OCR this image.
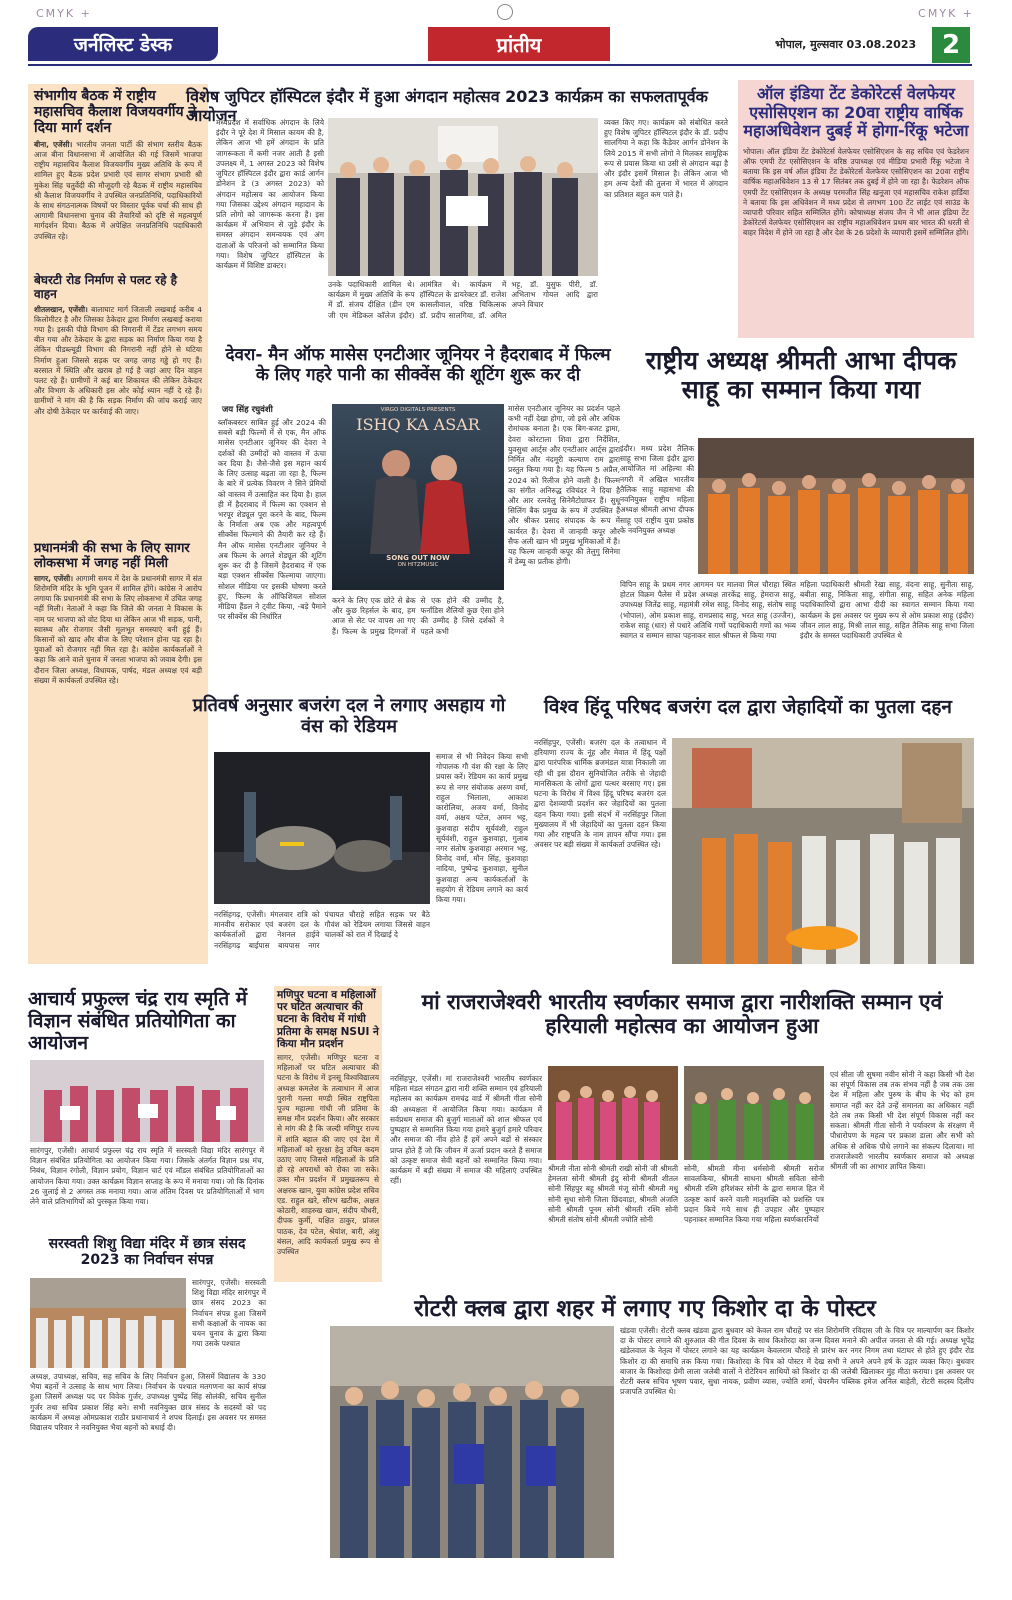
CMYK +	CMYK +
जर्नलिस्ट डेस्क	प्रांतीय	भोपाल, मुल्सवार 03.08.2023 2
संभागीय बैठक में राष्ट्रीय महासचिव कैलाश विजयवर्गीय ने दिया मार्ग दर्शन
बीना, एजेंसी। भारतीय जनता पार्टी की संभाग स्तरीय बैठक आज बीना विधानसभा में आयोजित की गई जिसमें भाजपा राष्ट्रीय महासचिव कैलाश विजयवर्गीय मुख्य अतिथि के रूप में शामिल हुए बैठक प्रदेश प्रभारी एवं सागर संभाग प्रभारी श्री मुकेश सिंह चतुर्वेदी की मौजूदगी रहे बैठक में राष्ट्रीय महासचिव श्री कैलाश विजयवर्गीय ने उपस्थित जनप्रतिनिधि, पदाधिकारियों के साथ संगठनात्मक विषयों पर विस्तार पूर्वक चर्चा की साथ ही आगामी विधानसभा चुनाव की तैयारियों को दृष्टि से महत्वपूर्ण मार्गदर्शन दिया। बैठक में अपेक्षित जनप्रतिनिधि पदाधिकारी उपस्थित रहे।
बेघरटी रोड निर्माण से पलट रहे है वाहन
शीतलखान, एजेंसी। बालाघाट मार्ग जिताली लखबाई करीब 4 किलोमीटर है और जिसका ठेकेदार द्वारा निर्माण लखबाई कराया गया है। इसकी पीछे विभाग की निगरानी में टेंडर लगभग समय बीत गया और ठेकेदार के द्वारा सड़क का निर्माण किया गया है लेकिन पीडब्ल्यूडी विभाग की निगरानी नहीं होने से घटिया निर्माण हुआ जिससे सड़क पर जगह जगह गड्ढे हो गए हैं। बरसात में स्थिति और खराब हो गई है जहां आए दिन वाहन पलट रहे हैं। ग्रामीणों ने कई बार शिकायत की लेकिन ठेकेदार और विभाग के अधिकारी इस ओर कोई ध्यान नहीं दे रहे हैं। ग्रामीणों ने मांग की है कि सड़क निर्माण की जांच कराई जाए और दोषी ठेकेदार पर कार्रवाई की जाए।
प्रधानमंत्री की सभा के लिए सागर लोकसभा में जगह नहीं मिली
सागर, एजेंसी। आगामी समय में देश के प्रधानमंत्री सागर में संत शिरोमणि मंदिर के भूमि पूजन में शामिल होंगे। कांग्रेस ने आरोप लगाया कि प्रधानमंत्री की सभा के लिए लोकसभा में उचित जगह नहीं मिली। नेताओं ने कहा कि जिले की जनता ने विकास के नाम पर भाजपा को वोट दिया था लेकिन आज भी सड़क, पानी, स्वास्थ्य और रोजगार जैसी मूलभूत समस्याएं बनी हुई हैं। किसानों को खाद और बीज के लिए परेशान होना पड़ रहा है। युवाओं को रोजगार नहीं मिल रहा है। कांग्रेस कार्यकर्ताओं ने कहा कि आने वाले चुनाव में जनता भाजपा को जवाब देगी। इस दौरान जिला अध्यक्ष, विधायक, पार्षद, मंडल अध्यक्ष एवं बड़ी संख्या में कार्यकर्ता उपस्थित रहे।
विशेष जुपिटर हॉस्पिटल इंदौर में हुआ अंगदान महोत्सव 2023 कार्यक्रम का सफलतापूर्वक आयोजन
मध्यप्रदेश में सर्वाधिक अंगदान के लिये इंदौर ने पूरे देश में मिसाल कायम की है, लेकिन आज भी हमें अंगदान के प्रति जागरूकता में कमी नजर आती है इसी उपलक्ष्य में, 1 अगस्त 2023 को विशेष जुपिटर हॉस्पिटल इंदौर द्वारा कार्ड आर्गन डोनेशन डे (3 अगस्त 2023) को अंगदान महोत्सव का आयोजन किया गया जिसका उद्देश्य अंगदान महादान के प्रति लोगो को जागरूक करना है। इस कार्यक्रम में अभियान से जुड़े इंदौर के समस्त अंगदान समन्वयक एवं अंग दाताओं के परिजनो को सम्मानित किया गया। विशेष जुपिटर हॉस्पिटल के कार्यक्रम में विशिष्ट डाक्टर।
उनके पदाधिकारी शामिल थे। कार्यक्रम में मुख्य अतिथि के रूप में डॉ. संजय दीक्षित (डीन एम जी एम मेडिकल कॉलेज इंदौर) आमंत्रित थे। कार्यक्रम में हॉस्पिटल के डायरेक्टर डॉ. राजेश कासलीवाल, वरिष्ठ चिकित्सक डॉ. प्रदीप सालगिया, डॉ. अमित भट्ट, डॉ. युसुफ पीरी, डॉ. अभिताभ गोयल आदि द्वारा अपने विचार
व्यक्त किए गए। कार्यक्रम को संबोधित करते हुए विशेष जुपिटर हॉस्पिटल इंदौर के डॉ. प्रदीप सालगिया ने कहा कि कैडेवर आर्गन डोनेशन के लिये 2015 में सभी लोगो ने मिलकर सामूहिक रूप से प्रयास किया था उसी से अंगदान बढ़ा है और इंदौर इसमें मिसाल है। लेकिन आज भी हम अन्य देशों की तुलना में भारत में अंगदान का प्रतिशत बहुत कम पाते है।
ऑल इंडिया टेंट डेकोरेटर्स वेलफेयर एसोसिएशन का 20वा राष्ट्रीय वार्षिक महाअधिवेशन दुबई में होगा-रिंकू भटेजा
भोपाल। ऑल इंडिया टेंट डेकोरेटर्स वेलफेयर एसोसिएशन के सह सचिव एवं फेडरेशन ऑफ एमपी टेंट एसोसिएशन के वरिष्ठ उपाध्यक्ष एवं मीडिया प्रभारी रिंकू भटेजा ने बताया कि इस वर्ष ऑल इंडिया टेंट डेकोरेटर्स वेलफेयर एसोसिएशन का 20वा राष्ट्रीय वार्षिक महाअधिवेशन 13 से 17 सितंबर तक दुबई में होने जा रहा है। फेडरेशन ऑफ एमपी टेंट एसोसिएशन के अध्यक्ष परमजीत सिंह खनूजा एवं महासचिव राकेश हार्डिया ने बताया कि इस अधिवेशन में मध्य प्रदेश से लगभग 100 टेंट लाईट एवं साउंड के व्यापारी परिवार सहित सम्मिलित होंगे। कोषाध्यक्ष संजय जैन ने भी आल इंडिया टेंट डेकोरेटर्स वेलफेयर एसोसिएशन का राष्ट्रीय महाअधिवेशन प्रथम बार भारत की धरती से बाहर विदेश में होने जा रहा है और देश के 26 प्रदेशो के व्यापारी इसमें सम्मिलित होंगे।
देवरा- मैन ऑफ मासेस एनटीआर जूनियर ने हैदराबाद में फिल्म के लिए गहरे पानी का सीक्वेंस की शूटिंग शुरू कर दी
जय सिंह रघुवंशी
ब्लॉकबस्टर साबित हुई और 2024 की सबसे बड़ी फिल्मों में से एक, मैन ऑफ मासेस एनटीआर जूनियर की देवरा ने दर्शकों की उम्मीदों को वास्तव में ऊंचा कर दिया है। जैसे-जैसे इस महान कार्य के लिए उत्साह बढ़ता जा रहा है, फिल्म के बारे में प्रत्येक विवरण ने सिने प्रेमियों को वास्तव में उत्साहित कर दिया है। हाल ही में हैदराबाद में फिल्म का एक्शन से भरपूर शेड्यूल पूरा करने के बाद, फिल्म के निर्माता अब एक और महत्वपूर्ण सीक्वेंस फिल्माने की तैयारी कर रहे हैं। मैन ऑफ मासेस एनटीआर जूनियर ने अब फिल्म के अगले शेड्यूल की शूटिंग शुरू कर दी है जिसमें हैदराबाद में एक बड़ा एक्शन सीक्वेंस फिल्माया जाएगा। सोशल मीडिया पर इसकी घोषणा करते हुए, फिल्म के ऑफिशियल सोशल मीडिया हैंडल ने ट्वीट किया, -बड़े पैमाने पर सीक्वेंस की निर्धारित
VIRGO DIGITALS PRESENTS
ISHQ KA ASAR
SONG OUT NOW
ON HITZMUSIC
करने के लिए एक छोटे से ब्रेक और कुछ रिहर्सल के बाद, हम आज से सेट पर वापस आ गए हैं। फिल्म के प्रमुख दिग्गजों में से एक होने की उम्मीद है, फर्नांडिस शैलियों कुछ ऐसा होने की उम्मीद है जिसे दर्शकों ने पहले कभी
मासेस एनटीआर जूनियर का प्रदर्शन पहले कभी नहीं देखा होगा, जो इसे और अधिक रोमांचक बनाता है। एक बिग-बजट ड्रामा, देवरा कोरटाला शिवा द्वारा निर्देशित, युवसुधा आर्ट्स और एनटीआर आर्ट्स द्वारा निर्मित और नंदमूरी कल्याण राम द्वारा प्रस्तुत किया गया है। यह फिल्म 5 अप्रैल, 2024 को रिलीज होने वाली है। फिल्म का संगीत अनिरुद्ध रविचंदर ने दिया है और आर रत्नवेलु सिनेमैटोग्राफर हैं। सुधू सिलिंग बैक प्रमुख के रूप में उपस्थित हैं और श्रीकर प्रसाद संपादक के रूप में कार्यरत हैं। देवरा में जान्हवी कपूर और सैफ अली खान भी प्रमुख भूमिकाओं में हैं। यह फिल्म जान्हवी कपूर की तेलुगु सिनेमा में डेब्यू का प्रतीक होगी।
राष्ट्रीय अध्यक्ष श्रीमती आभा दीपक साहू का सम्मान किया गया
इंदौर। मध्य प्रदेश तैलिक साहू सभा जिला इंदौर द्वारा आयोजित मां अहिल्या की नगरी में अखिल भारतीय तैलिक साहू महासभा की नवनियुक्त राष्ट्रीय महिला अध्यक्ष श्रीमती आभा दीपक साहू एवं राष्ट्रीय युवा प्रकोष्ठ के नवनियुक्त अध्यक्ष
विपिन साहू के प्रथम नगर आगमन पर मालवा मिल चौराहा स्थित होटल विक्रम पैलेस में प्रदेश अध्यक्ष तारकेंद्र साहू, हेमराज साहू, उपाध्यक्ष जितेंद्र साहू, महामंत्री रमेश साहू, विनोद साहू, संतोष साहू (भोपाल), ओम प्रकाश साहू, रामप्रसाद साहू, भरत साहू (उज्जैन), राकेश साहू (धार) से पधारे अतिथि गणों पदाधिकारी गणों का भव्य स्वागत व सम्मान साफा पहनाकर साल श्रीफल से किया गया
महिला पदाधिकारी श्रीमती रेखा साहू, वंदना साहू, सुनीता साहू, बबीता साहू, निकिता साहू, संगीता साहू, सहित अनेक महिला पदाधिकारियों द्वारा आभा दीदी का स्वागत सम्मान किया गया कार्यक्रम के इस अवसर पर मुख्य रूप से ओम प्रकाश साहू (इंदौर) जीवन लाल साहू, मिश्री लाल साहू, सहित तैलिक साहू सभा जिला इंदौर के समस्त पदाधिकारी उपस्थित थे
प्रतिवर्ष अनुसार बजरंग दल ने लगाए असहाय गो वंस को रेडियम
नरसिंहगढ़, एजेंसी। मंगलवार रात्रि को मानवीय सरोकार एवं बजरंग दल के कार्यकर्ताओं द्वारा नेशनल हाईवे नरसिंहगढ़ बाईपास बायपास नगर पंचायत चौराहे सहित सड़क पर बैठे गौवंश को रेडियम लगाया जिससे वाहन चालकों को रात में दिखाई दे
समाज से भी निवेदन किया सभी गोपालक गौ वंश की रक्षा के लिए प्रयास करें। रेडियम का कार्य प्रमुख रूप से नगर संयोजक अरुण वर्मा, राहुल भिलाला, आकाश कारोलिया, अजय वर्मा, विनोद वर्मा, अक्षय पटेल, अमन भट्ट, कुशवाहा संदीप सूर्यवंशी, राहुल सूर्यवंशी, राहुल कुशवाहा, गुलाब नगर संतोष कुशवाहा अरमान भट्ट, विनोद वर्मा, मौन सिंह, कुशवाहा नादिया, पुष्पेन्द्र कुशवाहा, सुनील कुशवाहा अन्य कार्यकर्ताओं के सहयोग से रेडियम लगाने का कार्य किया गया।
विश्व हिंदू परिषद बजरंग दल द्वारा जेहादियों का पुतला दहन
नरसिंहपुर, एजेंसी। बजरंग दल के तत्वाधान में हरियाणा राज्य के नूंह और मेवात में हिंदू पक्षों द्वारा पारंपरिक धार्मिक ब्रजमंडल यात्रा निकाली जा रही थी इस दौरान सुनियोजित तरीके से जेहादी मानसिकता के लोगों द्वारा पत्थर बरसाए गए। इस घटना के विरोध में विश्व हिंदू परिषद बजरंग दल द्वारा देशव्यापी प्रदर्शन कर जेहादियों का पुतला दहन किया गया। इसी संदर्भ में नरसिंहपुर जिला मुख्यालय में भी जेहादियों का पुतला दहन किया गया और राष्ट्रपति के नाम ज्ञापन सौंपा गया। इस अवसर पर बड़ी संख्या में कार्यकर्ता उपस्थित रहे।
आचार्य प्रफुल्ल चंद्र राय स्मृति में विज्ञान संबंधित प्रतियोगिता का आयोजन
सारंगपुर, एजेंसी। आचार्य प्रफुल्ल चंद्र राय स्मृति में सरस्वती विद्या मंदिर सारंगपुर में विज्ञान संबंधित प्रतियोगिता का आयोजन किया गया। जिसके अंतर्गत विज्ञान प्रश्न मंच, निबंध, विज्ञान रंगोली, विज्ञान प्रयोग, विज्ञान चार्ट एवं मॉडल संबंधित प्रतियोगिताओं का आयोजन किया गया। उक्त कार्यक्रम विज्ञान सप्ताह के रूप में मनाया गया। जो कि दिनांक 26 जुलाई से 2 अगस्त तक मनाया गया। आज अंतिम दिवस पर प्रतियोगिताओं में भाग लेने वाले प्रतिभागियों को पुरस्कृत किया गया।
सरस्वती शिशु विद्या मंदिर में छात्र संसद 2023 का निर्वाचन संपन्न
सारंगपुर, एजेंसी। सरस्वती शिशु विद्या मंदिर सारंगपुर में छात्र संसद 2023 का निर्वाचन संपन्न हुआ जिसमें सभी कक्षाओं के नायक का चयन चुनाव के द्वारा किया गया उसके पश्चात
अध्यक्ष, उपाध्यक्ष, सचिव, सह सचिव के लिए निर्वाचन हुआ, जिसमें विद्यालय के 330 भैया बहनों ने उत्साह के साथ भाग लिया। निर्वाचन के पश्चात मतगणना का कार्य संपन्न हुआ जिसमें अध्यक्ष पद पर विवेक गुर्जर, उपाध्यक्ष पुष्पेंद्र सिंह सोलंकी, सचिव सुनील गुर्जर तथा सचिव प्रकाश सिंह बने। सभी नवनियुक्त छात्र संसद के सदस्यों को पद कार्यक्रम में अध्यक्ष ओमप्रकाश राठौर प्रधानाचार्य ने शपथ दिलाई। इस अवसर पर समस्त विद्यालय परिवार ने नवनियुक्त भैया बहनों को बधाई दी।
मणिपुर घटना व महिलाओं पर घटित अत्याचार की घटना के विरोध में गांधी प्रतिमा के समक्ष NSUI ने किया मौन प्रदर्शन
सागर, एजेंसी। मणिपुर घटना व महिलाओं पर घटित अत्याचार की घटना के विरोध में इनसू विश्वविद्यालय अध्यक्ष कमलेश के तत्वाधान में आज पुरानी गल्ला मण्डी स्थित राष्ट्रपिता पूज्य महात्मा गांधी जी प्रतिमा के समक्ष मौन प्रदर्शन किया। और सरकार से मांग की है कि जल्दी मणिपुर राज्य में शांति बहाल की जाए एवं देश में महिलाओं को सुरक्षा हेतु उचित कदम उठाए जाए जिससे महिलाओं के प्रति हो रहे अपराधों को रोका जा सके। उक्त मौन प्रदर्शन में प्रमुखतरूप से अक्षरक खान, युवा कांग्रेस प्रदेश सचिव एड. राहुल खरे, सौरभ खटीक, अक्षत कोठारी, शाहरुख खान, संदीप चौधरी, दीपक कुर्मी, यक्षित ठाकुर, प्रांजल पाठक, देव पटेल, श्रेयांश, बारी, अंशु बंसल, आदि कार्यकर्ता प्रमुख रूप से उपस्थित
मां राजराजेश्वरी भारतीय स्वर्णकार समाज द्वारा नारीशक्ति सम्मान एवं हरियाली महोत्सव का आयोजन हुआ
नरसिंहपुर, एजेंसी। मां राजराजेश्वरी भारतीय स्वर्णकार महिला मंडल संगठन द्वारा नारी शक्ति सम्मान एवं हरियाली महोत्सव का कार्यक्रम रामचंद्र वार्ड में श्रीमती गीता सोनी की अध्यक्षता में आयोजित किया गया। कार्यक्रम में सर्वप्रथम समाज की बुजुर्ग माताओं को शाल श्रीफल एवं पुष्पहार से सम्मानित किया गया हमारे बुजुर्ग हमारे परिवार और समाज की नींव होते हैं हमें अपने बड़ों से संस्कार प्राप्त होते हैं जो कि जीवन में ऊर्जा प्रदान करते हैं समाज को उत्कृष्ट समाज सेवी बहनों को सम्मानित किया गया। कार्यक्रम में बड़ी संख्या में समाज की महिलाएं उपस्थित रहीं।
श्रीमती नीता सोनी श्रीमती राखी सोनी जी श्रीमती हेमलता सोनी श्रीमती इंदु सोनी श्रीमती शीतल सोनी सिंहपुर बहू श्रीमती मंजू सोनी श्रीमती मधु सोनी सुधा सोनी जिला छिंदवाड़ा, श्रीमती अंजलि सोनी श्रीमती पूनम सोनी श्रीमती रश्मि सोनी श्रीमती संतोष सोनी श्रीमती ज्योति सोनी
सोनी, श्रीमती मीना धर्मसोनी श्रीमती सरोज सावलकिया, श्रीमती साधना श्रीमती सविता सोनी श्रीमती रश्मि हरिशंकर सोनी के द्वारा समाज हित में उत्कृष्ट कार्य करने वाली मातृशक्ति को प्रशस्ति पत्र प्रदान किये गये साथ ही उपहार और पुष्पहार पहनाकर सम्मानित किया गया महिला स्वर्णकारनियों
एवं सीता जी सुषमा नवीन सोनी ने कहा किसी भी देश का संपूर्ण विकास तब तक संभव नहीं है जब तक उस देश में महिला और पुरुष के बीच के भेद को हम समाप्त नहीं कर देते उन्हें समानता का अधिकार नहीं देते तब तक किसी भी देश संपूर्ण विकास नहीं कर सकता। श्रीमती गीता सोनी ने पर्यावरण के संरक्षण में पौधारोपण के महत्व पर प्रकाश डाला और सभी को अधिक से अधिक पौधे लगाने का संकल्प दिलाया। मां राजराजेश्वरी भारतीय स्वर्णकार समाज को अध्यक्ष श्रीमती जी का आभार ज्ञापित किया।
रोटरी क्लब द्वारा शहर में लगाए गए किशोर दा के पोस्टर
खंडवा एजेंसी। रोटरी क्लब खंडवा द्वारा बुधवार को केवल राम चौराहे पर संत शिरोमणि रविदास जी के चित्र पर माल्यार्पण कर किशोर दा के पोस्टर लगाने की शुरुआत की गीत दिवस के साथ किशोरदा का जन्म दिवस मनाने की अपील जनता से की गई। अध्यक्ष भूपेंद्र खंडेलवाल के नेतृत्व में पोस्टर लगाने का यह कार्यक्रम केवलराम चौराहे से प्रारंभ कर नगर निगम तथा घंटाघर से होते हुए इंदौर रोड किशोर दा की समाधि तक किया गया। किशोरदा के चित्र को पोस्टर में देख सभी ने अपने अपने हर्ष के उद्गार व्यक्त किए। बुधवार बाजार के किशोरदा प्रेमी लाला जलेबी वालों ने रोटेरियन साथियों को किशोर दा की जलेबी खिलाकर मुंह मीठा कराया। इस अवसर पर रोटरी क्लब सचिव भूषण पवार, सुधा नायक, प्रवीण व्यास, ज्योति शर्मा, चेयरमैन पब्लिक इमेज अनिल बाहेती, रोटरी सदस्य दिलीप प्रजापति उपस्थित थे।
